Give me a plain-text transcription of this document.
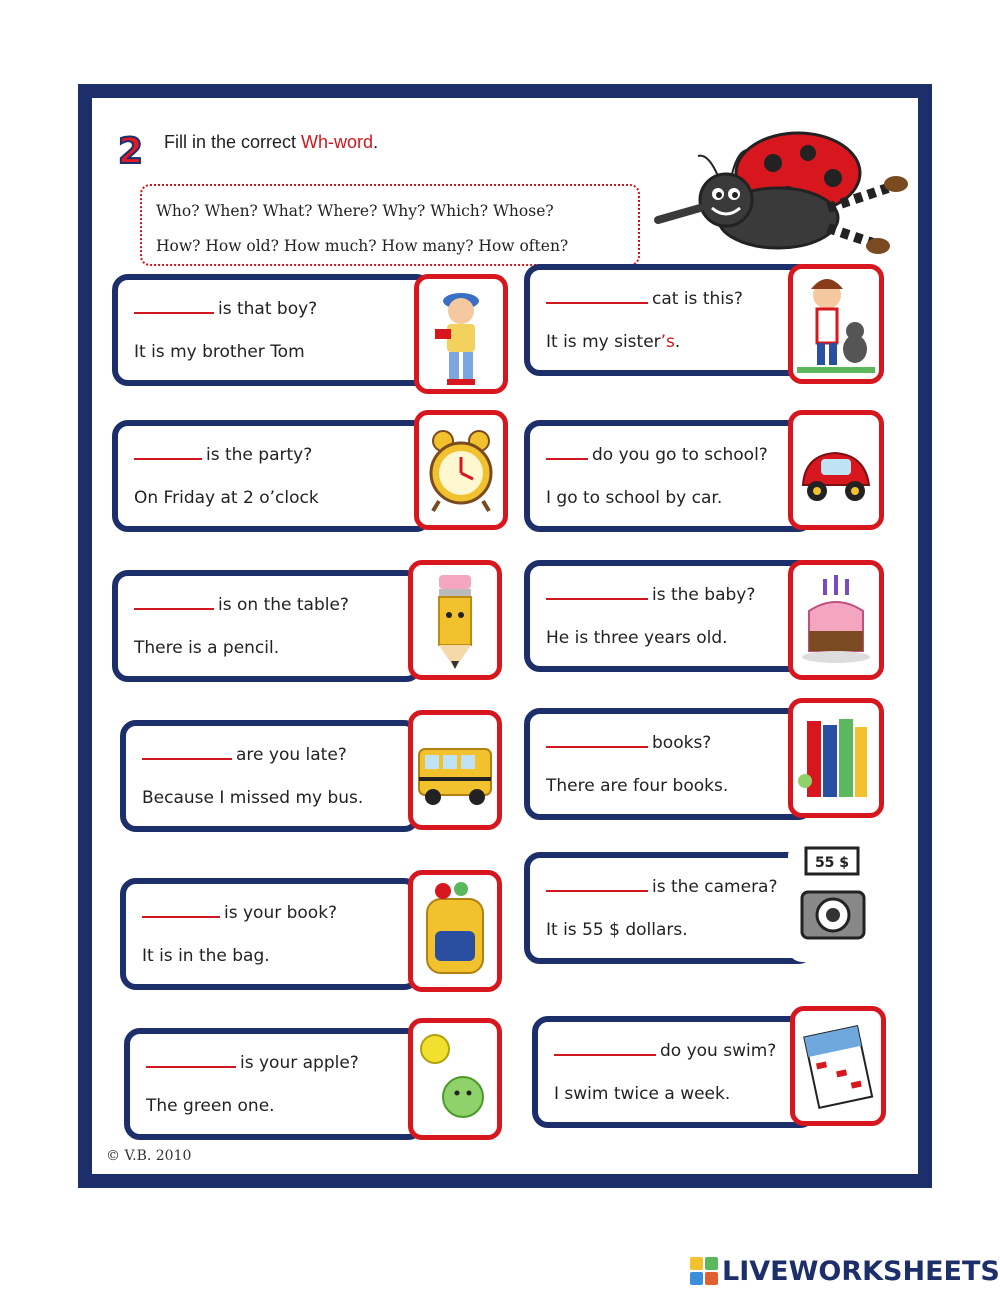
2 Fill in the correct Wh-word.
Who? When? What? Where? Why? Which? Whose?
How? How old? How much? How many? How often?
is that boy?
It is my brother Tom
cat is this?
It is my sister’s.
is the party?
On Friday at 2 o’clock
do you go to school?
I go to school by car.
is on the table?
There is a pencil.
is the baby?
He is three years old.
are you late?
Because I missed my bus.
books?
There are four books.
is your book?
It is in the bag.
is the camera?
It is 55 $ dollars.
55 $
is your apple?
The green one.
do you swim?
I swim twice a week.
© V.B. 2010
LIVEWORKSHEETS
